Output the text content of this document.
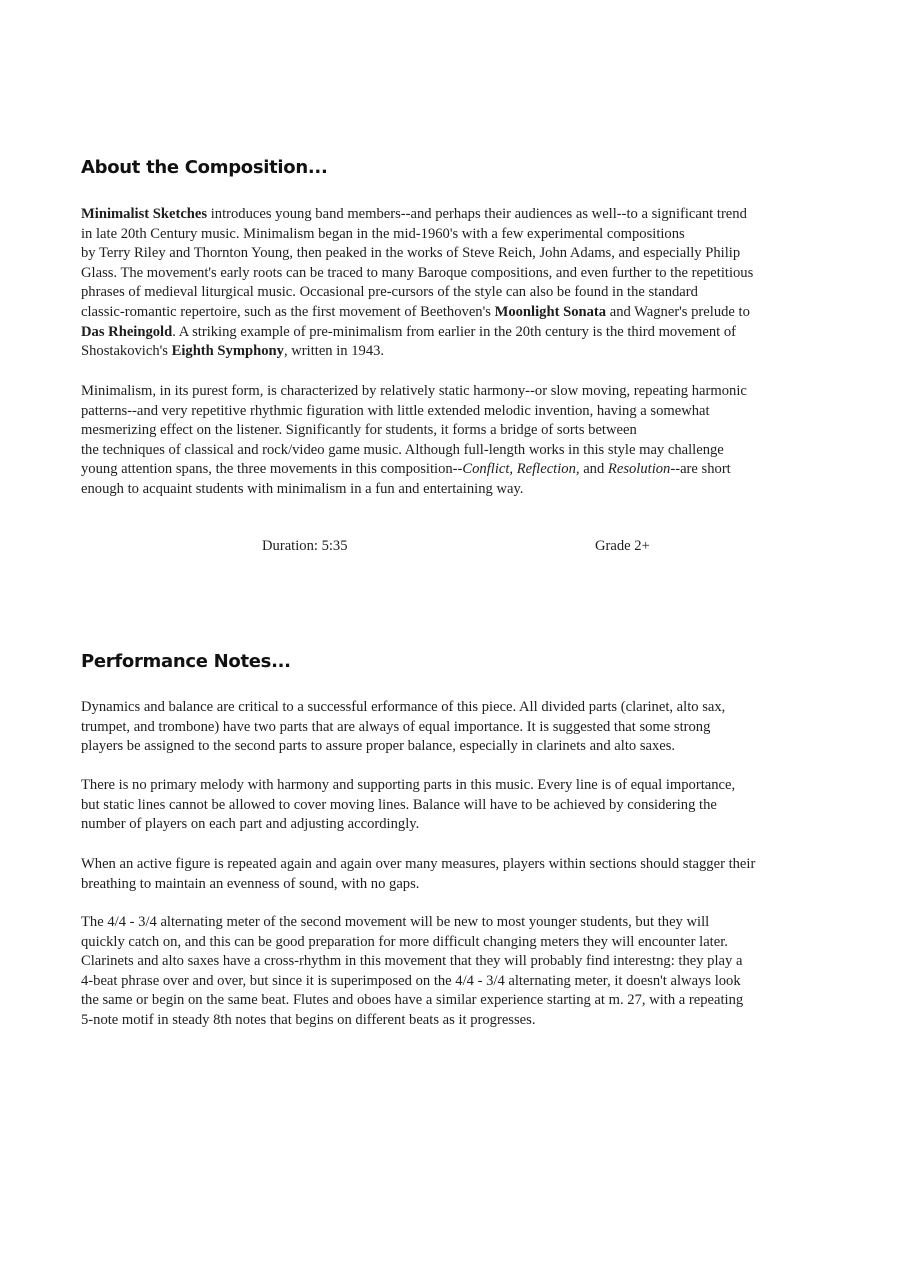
About the Composition...

Minimalist Sketches introduces young band members--and perhaps their audiences as well--to a significant trend
in late 20th Century music. Minimalism began in the mid-1960's with a few experimental compositions
by Terry Riley and Thornton Young, then peaked in the works of Steve Reich, John Adams, and especially Philip
Glass. The movement's early roots can be traced to many Baroque compositions, and even further to the repetitious
phrases of medieval liturgical music. Occasional pre-cursors of the style can also be found in the standard
classic-romantic repertoire, such as the first movement of Beethoven's Moonlight Sonata and Wagner's prelude to
Das Rheingold. A striking example of pre-minimalism from earlier in the 20th century is the third movement of
Shostakovich's Eighth Symphony, written in 1943.

Minimalism, in its purest form, is characterized by relatively static harmony--or slow moving, repeating harmonic
patterns--and very repetitive rhythmic figuration with little extended melodic invention, having a somewhat
mesmerizing effect on the listener. Significantly for students, it forms a bridge of sorts between
the techniques of classical and rock/video game music. Although full-length works in this style may challenge
young attention spans, the three movements in this composition--Conflict, Reflection, and Resolution--are short
enough to acquaint students with minimalism in a fun and entertaining way.

Duration: 5:35	Grade 2+
Performance Notes...

Dynamics and balance are critical to a successful erformance of this piece. All divided parts (clarinet, alto sax,
trumpet, and trombone) have two parts that are always of equal importance. It is suggested that some strong
players be assigned to the second parts to assure proper balance, especially in clarinets and alto saxes.

There is no primary melody with harmony and supporting parts in this music. Every line is of equal importance,
but static lines cannot be allowed to cover moving lines. Balance will have to be achieved by considering the
number of players on each part and adjusting accordingly.

When an active figure is repeated again and again over many measures, players within sections should stagger their
breathing to maintain an evenness of sound, with no gaps.

The 4/4 - 3/4 alternating meter of the second movement will be new to most younger students, but they will
quickly catch on, and this can be good preparation for more difficult changing meters they will encounter later.
Clarinets and alto saxes have a cross-rhythm in this movement that they will probably find interestng: they play a
4-beat phrase over and over, but since it is superimposed on the 4/4 - 3/4 alternating meter, it doesn't always look
the same or begin on the same beat. Flutes and oboes have a similar experience starting at m. 27, with a repeating
5-note motif in steady 8th notes that begins on different beats as it progresses.
